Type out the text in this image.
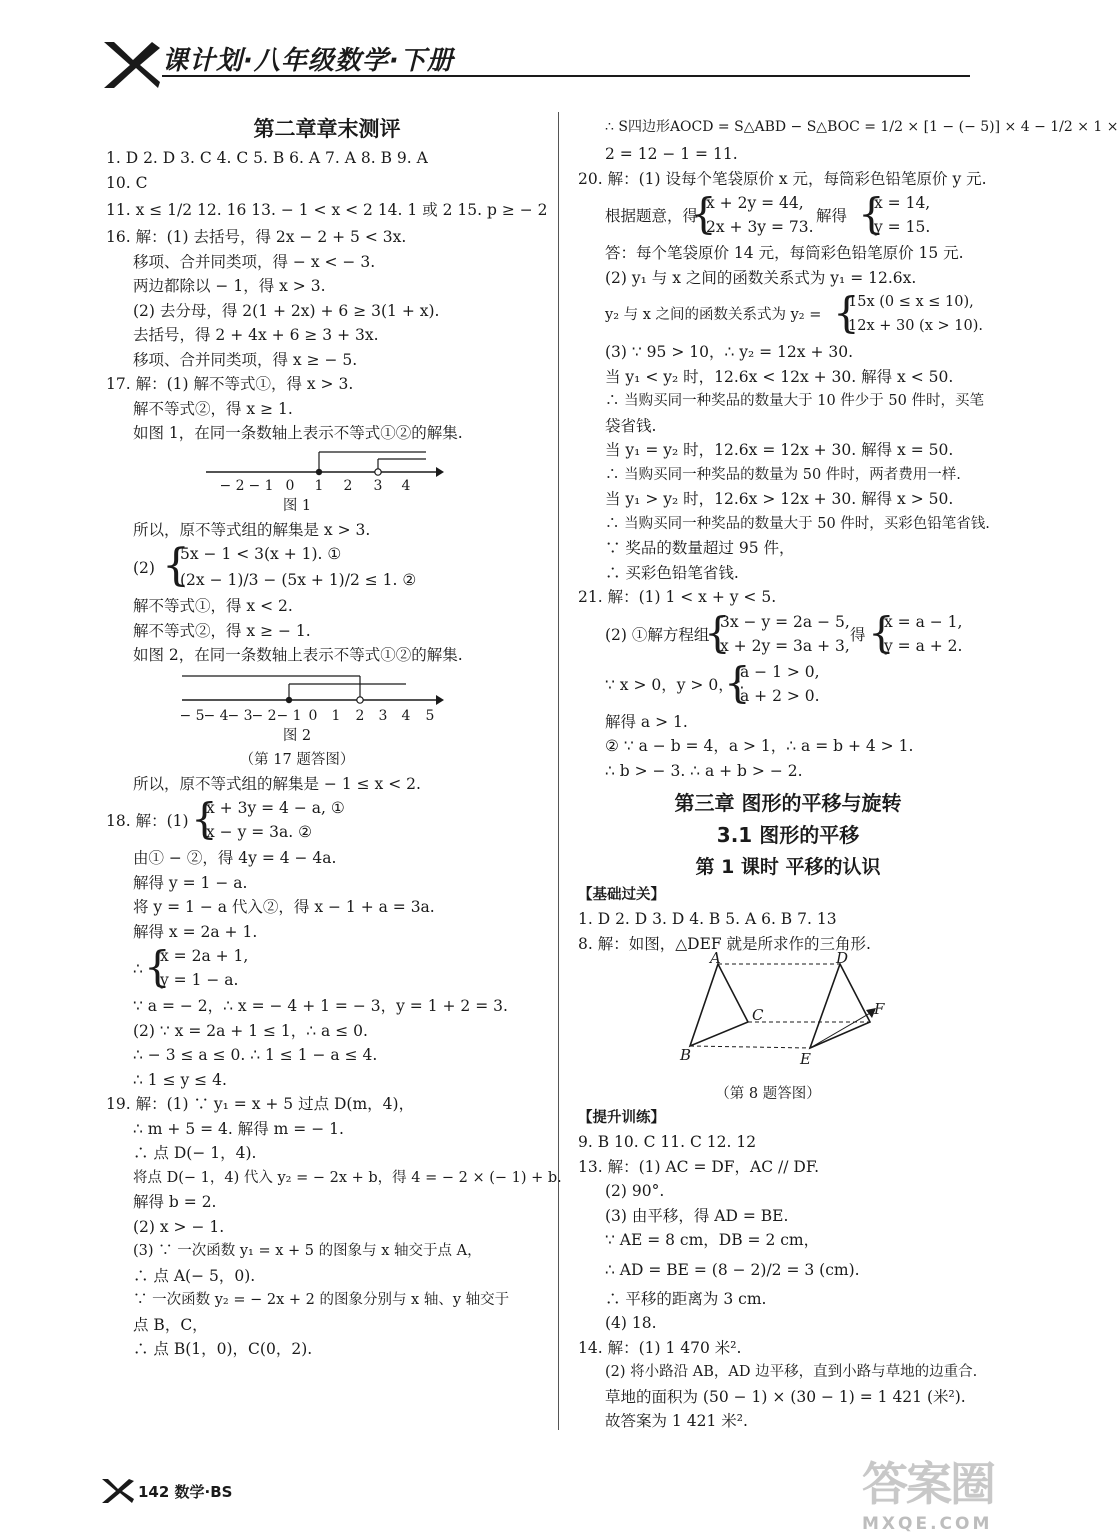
课计划·八年级数学·下册
第二章章末测评
1. D 2. D 3. C 4. C 5. B 6. A 7. A 8. B 9. A
10. C
11. x ≤ 1/2 12. 16 13. − 1 < x < 2 14. 1 或 2 15. p ≥ − 2
16. 解：(1) 去括号，得 2x − 2 + 5 < 3x.
移项、合并同类项，得 − x < − 3.
两边都除以 − 1，得 x > 3.
(2) 去分母，得 2(1 + 2x) + 6 ≥ 3(1 + x).
去括号，得 2 + 4x + 6 ≥ 3 + 3x.
移项、合并同类项，得 x ≥ − 5.
17. 解：(1) 解不等式①，得 x > 3.
解不等式②，得 x ≥ 1.
如图 1，在同一条数轴上表示不等式①②的解集.
− 2 − 1 0 1 2 3 4
图 1
所以，原不等式组的解集是 x > 3.
(2) {
5x − 1 < 3(x + 1). ①
(2x − 1)/3 − (5x + 1)/2 ≤ 1. ②
解不等式①，得 x < 2.
解不等式②，得 x ≥ − 1.
如图 2，在同一条数轴上表示不等式①②的解集.
− 5
− 4
− 3
− 2 − 1 0 1 2 3 4 5
图 2
（第 17 题答图）
所以，原不等式组的解集是 − 1 ≤ x < 2.
18. 解：(1) {
x + 3y = 4 − a, ①
x − y = 3a. ②
由① − ②，得 4y = 4 − 4a.
解得 y = 1 − a.
将 y = 1 − a 代入②，得 x − 1 + a = 3a.
解得 x = 2a + 1.
∴ {
x = 2a + 1,
y = 1 − a.
∵ a = − 2，∴ x = − 4 + 1 = − 3，y = 1 + 2 = 3.
(2) ∵ x = 2a + 1 ≤ 1，∴ a ≤ 0.
∴ − 3 ≤ a ≤ 0. ∴ 1 ≤ 1 − a ≤ 4.
∴ 1 ≤ y ≤ 4.
19. 解：(1) ∵ y₁ = x + 5 过点 D(m，4)，
∴ m + 5 = 4. 解得 m = − 1.
∴ 点 D(− 1，4).
将点 D(− 1，4) 代入 y₂ = − 2x + b，得 4 = − 2 × (− 1) + b.
解得 b = 2.
(2) x > − 1.
(3) ∵ 一次函数 y₁ = x + 5 的图象与 x 轴交于点 A，
∴ 点 A(− 5，0).
∵ 一次函数 y₂ = − 2x + 2 的图象分别与 x 轴、y 轴交于
点 B，C，
∴ 点 B(1，0)，C(0，2).
∴ S四边形AOCD = S△ABD − S△BOC = 1/2 × [1 − (− 5)] × 4 − 1/2 × 1 ×
2 = 12 − 1 = 11.
20. 解：(1) 设每个笔袋原价 x 元，每筒彩色铅笔原价 y 元.
根据题意，得
{
x + 2y = 44,
2x + 3y = 73.
解得 {
x = 14,
y = 15.
答：每个笔袋原价 14 元，每筒彩色铅笔原价 15 元.
(2) y₁ 与 x 之间的函数关系式为 y₁ = 12.6x.
y₂ 与 x 之间的函数关系式为 y₂ = {
15x (0 ≤ x ≤ 10),
12x + 30 (x > 10).
(3) ∵ 95 > 10，∴ y₂ = 12x + 30.
当 y₁ < y₂ 时，12.6x < 12x + 30. 解得 x < 50.
∴ 当购买同一种奖品的数量大于 10 件少于 50 件时，买笔
袋省钱.
当 y₁ = y₂ 时，12.6x = 12x + 30. 解得 x = 50.
∴ 当购买同一种奖品的数量为 50 件时，两者费用一样.
当 y₁ > y₂ 时，12.6x > 12x + 30. 解得 x > 50.
∴ 当购买同一种奖品的数量大于 50 件时，买彩色铅笔省钱.
∵ 奖品的数量超过 95 件，
∴ 买彩色铅笔省钱.
21. 解：(1) 1 < x + y < 5.
(2) ①解方程组
{
3x − y = 2a − 5,
x + 2y = 3a + 3,
得 {
x = a − 1,
y = a + 2.
∵ x > 0，y > 0，∴
{
a − 1 > 0,
a + 2 > 0.
解得 a > 1.
② ∵ a − b = 4，a > 1，∴ a = b + 4 > 1.
∴ b > − 3. ∴ a + b > − 2.
第三章 图形的平移与旋转
3.1 图形的平移
第 1 课时 平移的认识
【基础过关】
1. D 2. D 3. D 4. B 5. A 6. B 7. 13
8. 解：如图，△DEF 就是所求作的三角形.
A	D
C	F
B	E
（第 8 题答图）
【提升训练】
9. B 10. C 11. C 12. 12
13. 解：(1) AC = DF，AC // DF.
(2) 90°.
(3) 由平移，得 AD = BE.
∵ AE = 8 cm，DB = 2 cm，
∴ AD = BE = (8 − 2)/2 = 3 (cm).
∴ 平移的距离为 3 cm.
(4) 18.
14. 解：(1) 1 470 米².
(2) 将小路沿 AB，AD 边平移，直到小路与草地的边重合.
草地的面积为 (50 − 1) × (30 − 1) = 1 421 (米²).
故答案为 1 421 米².
142 数学·BS	答案圈
MXQE.COM
